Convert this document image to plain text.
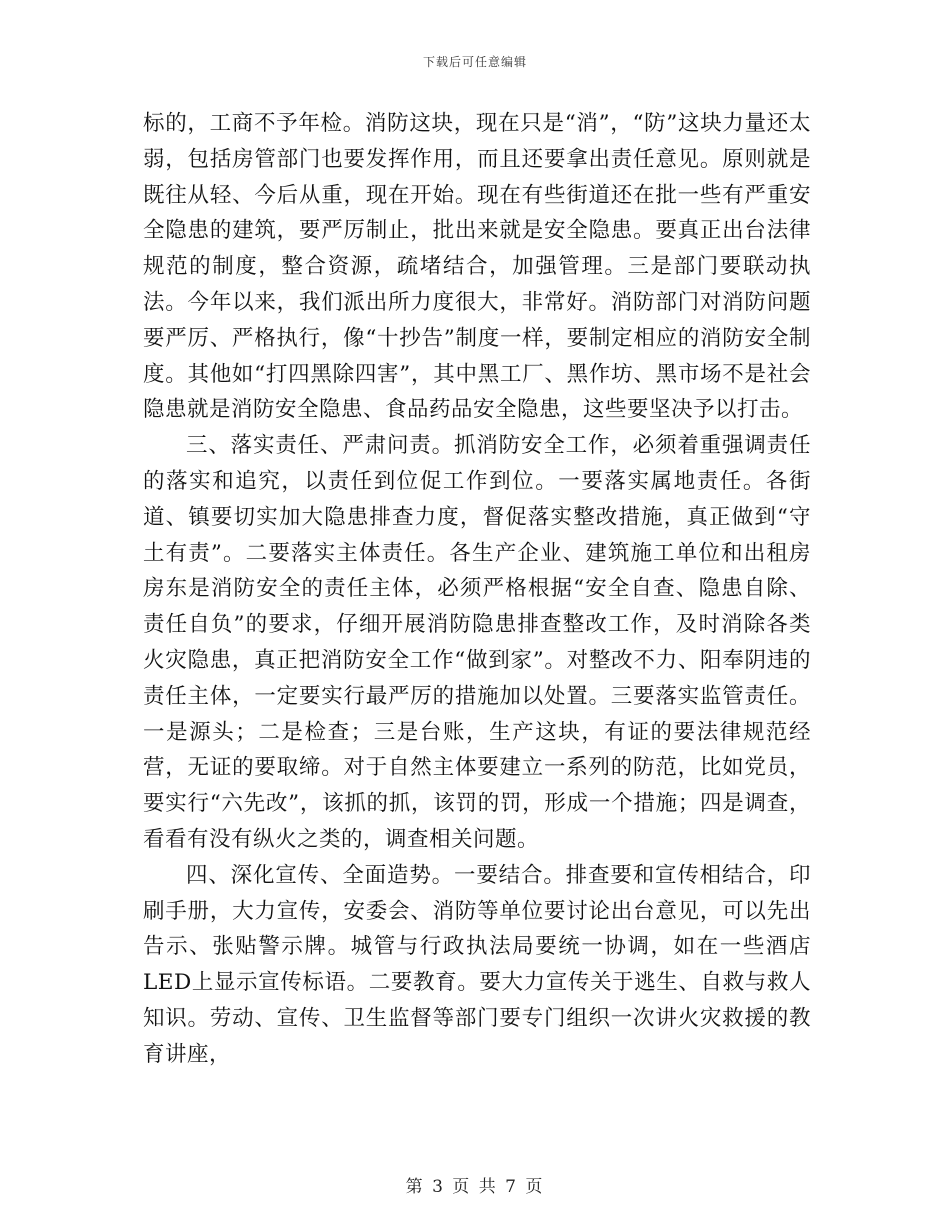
下载后可任意编辑

标的，工商不予年检。消防这块，现在只是“消”，“防”这块力量还太弱，包括房管部门也要发挥作用，而且还要拿出责任意见。原则就是既往从轻、今后从重，现在开始。现在有些街道还在批一些有严重安全隐患的建筑，要严厉制止，批出来就是安全隐患。要真正出台法律规范的制度，整合资源，疏堵结合，加强管理。三是部门要联动执法。今年以来，我们派出所力度很大，非常好。消防部门对消防问题要严厉、严格执行，像“十抄告”制度一样，要制定相应的消防安全制度。其他如“打四黑除四害”，其中黑工厂、黑作坊、黑市场不是社会隐患就是消防安全隐患、食品药品安全隐患，这些要坚决予以打击。

三、落实责任、严肃问责。抓消防安全工作，必须着重强调责任的落实和追究，以责任到位促工作到位。一要落实属地责任。各街道、镇要切实加大隐患排查力度，督促落实整改措施，真正做到“守土有责”。二要落实主体责任。各生产企业、建筑施工单位和出租房房东是消防安全的责任主体，必须严格根据“安全自查、隐患自除、责任自负”的要求，仔细开展消防隐患排查整改工作，及时消除各类火灾隐患，真正把消防安全工作“做到家”。对整改不力、阳奉阴违的责任主体，一定要实行最严厉的措施加以处置。三要落实监管责任。一是源头；二是检查；三是台账，生产这块，有证的要法律规范经营，无证的要取缔。对于自然主体要建立一系列的防范，比如党员，要实行“六先改”，该抓的抓，该罚的罚，形成一个措施；四是调查，看看有没有纵火之类的，调查相关问题。

四、深化宣传、全面造势。一要结合。排查要和宣传相结合，印刷手册，大力宣传，安委会、消防等单位要讨论出台意见，可以先出告示、张贴警示牌。城管与行政执法局要统一协调，如在一些酒店LED上显示宣传标语。二要教育。要大力宣传关于逃生、自救与救人知识。劳动、宣传、卫生监督等部门要专门组织一次讲火灾救援的教育讲座，

第 3 页 共 7 页
